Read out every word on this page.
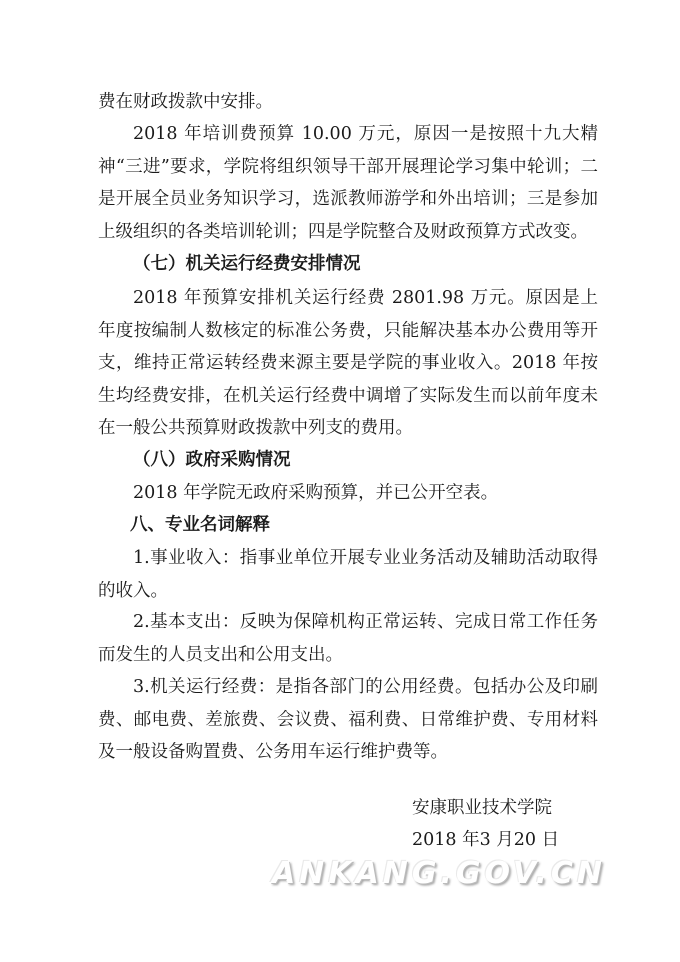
费在财政拨款中安排。

2018 年培训费预算 10.00 万元，原因一是按照十九大精神“三进”要求，学院将组织领导干部开展理论学习集中轮训；二是开展全员业务知识学习，选派教师游学和外出培训；三是参加上级组织的各类培训轮训；四是学院整合及财政预算方式改变。

（七）机关运行经费安排情况

2018 年预算安排机关运行经费 2801.98 万元。原因是上年度按编制人数核定的标准公务费，只能解决基本办公费用等开支，维持正常运转经费来源主要是学院的事业收入。2018 年按生均经费安排，在机关运行经费中调增了实际发生而以前年度未在一般公共预算财政拨款中列支的费用。

（八）政府采购情况

2018 年学院无政府采购预算，并已公开空表。

八、专业名词解释

1.事业收入：指事业单位开展专业业务活动及辅助活动取得的收入。

2.基本支出：反映为保障机构正常运转、完成日常工作任务而发生的人员支出和公用支出。

3.机关运行经费：是指各部门的公用经费。包括办公及印刷费、邮电费、差旅费、会议费、福利费、日常维护费、专用材料及一般设备购置费、公务用车运行维护费等。

安康职业技术学院

2018 年3 月20 日

ANKANG.GOV.CN
